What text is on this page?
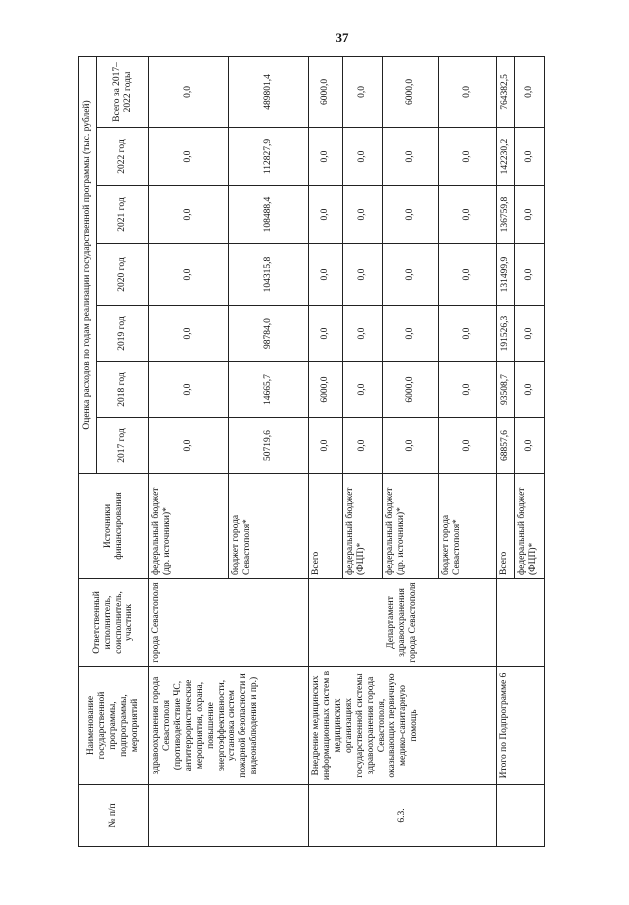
37
№ п/п	Наименование государственной программы, подпрограммы, мероприятий	Ответственный исполнитель, соисполнитель, участник	Источники финансирования	Оценка расходов по годам реализации государственной программы (тыс. рублей)						
				2017 год	2018 год	2019 год	2020 год	2021 год	2022 год	Всего за 2017–2022 годы
	здравоохранения города Севастополя (противодействие ЧС, антитеррористические мероприятия, охрана, повышение энергоэффективности, установка систем пожарной безопасности и видеонаблюдения и пр.)	города Севастополя	федеральный бюджет (др. источники)*	0,0	0,0	0,0	0,0	0,0	0,0	0,0
			бюджет города Севастополя*	50719,6	14665,7	98784,0	104315,8	108488,4	112827,9	489801,4
6.3.	Внедрение медицинских информационных систем в медицинских организациях государственной системы здравоохранения города Севастополя, оказывающих первичную медико-санитарную помощь	Департамент здравоохранения города Севастополя	Всего	0,0	6000,0	0,0	0,0	0,0	0,0	6000,0
			федеральный бюджет (ФЦП)*	0,0	0,0	0,0	0,0	0,0	0,0	0,0
			федеральный бюджет (др. источники)*	0,0	6000,0	0,0	0,0	0,0	0,0	6000,0
			бюджет города Севастополя*	0,0	0,0	0,0	0,0	0,0	0,0	0,0
	Итого по Подпрограмме 6		Всего	68857,6	93508,7	191526,3	131499,9	136759,8	142230,2	764382,5
			федеральный бюджет (ФЦП)*	0,0	0,0	0,0	0,0	0,0	0,0	0,0
